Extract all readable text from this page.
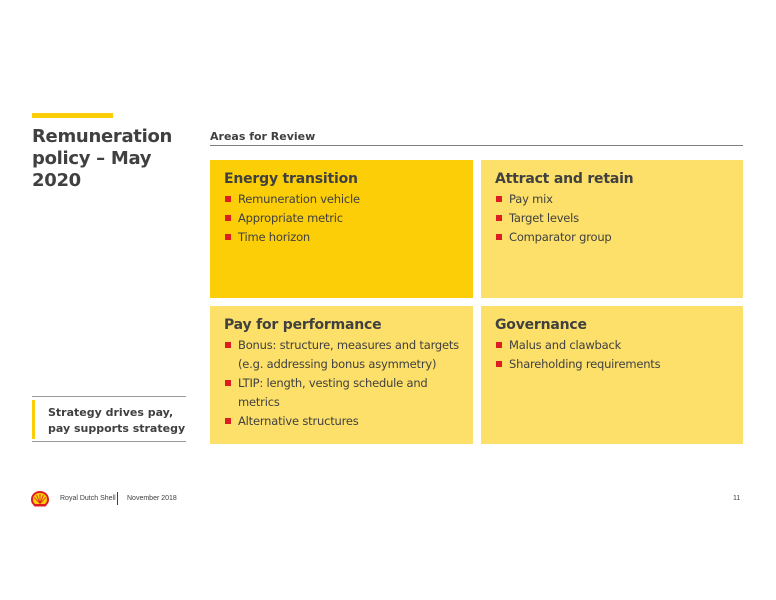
Remuneration policy – May 2020
Areas for Review
Energy transition
Remuneration vehicle
Appropriate metric
Time horizon
Attract and retain
Pay mix
Target levels
Comparator group
Pay for performance
Bonus: structure, measures and targets (e.g. addressing bonus asymmetry)
LTIP: length, vesting schedule and metrics
Alternative structures
Governance
Malus and clawback
Shareholding requirements
Strategy drives pay,
pay supports strategy
Royal Dutch Shell November 2018	11
